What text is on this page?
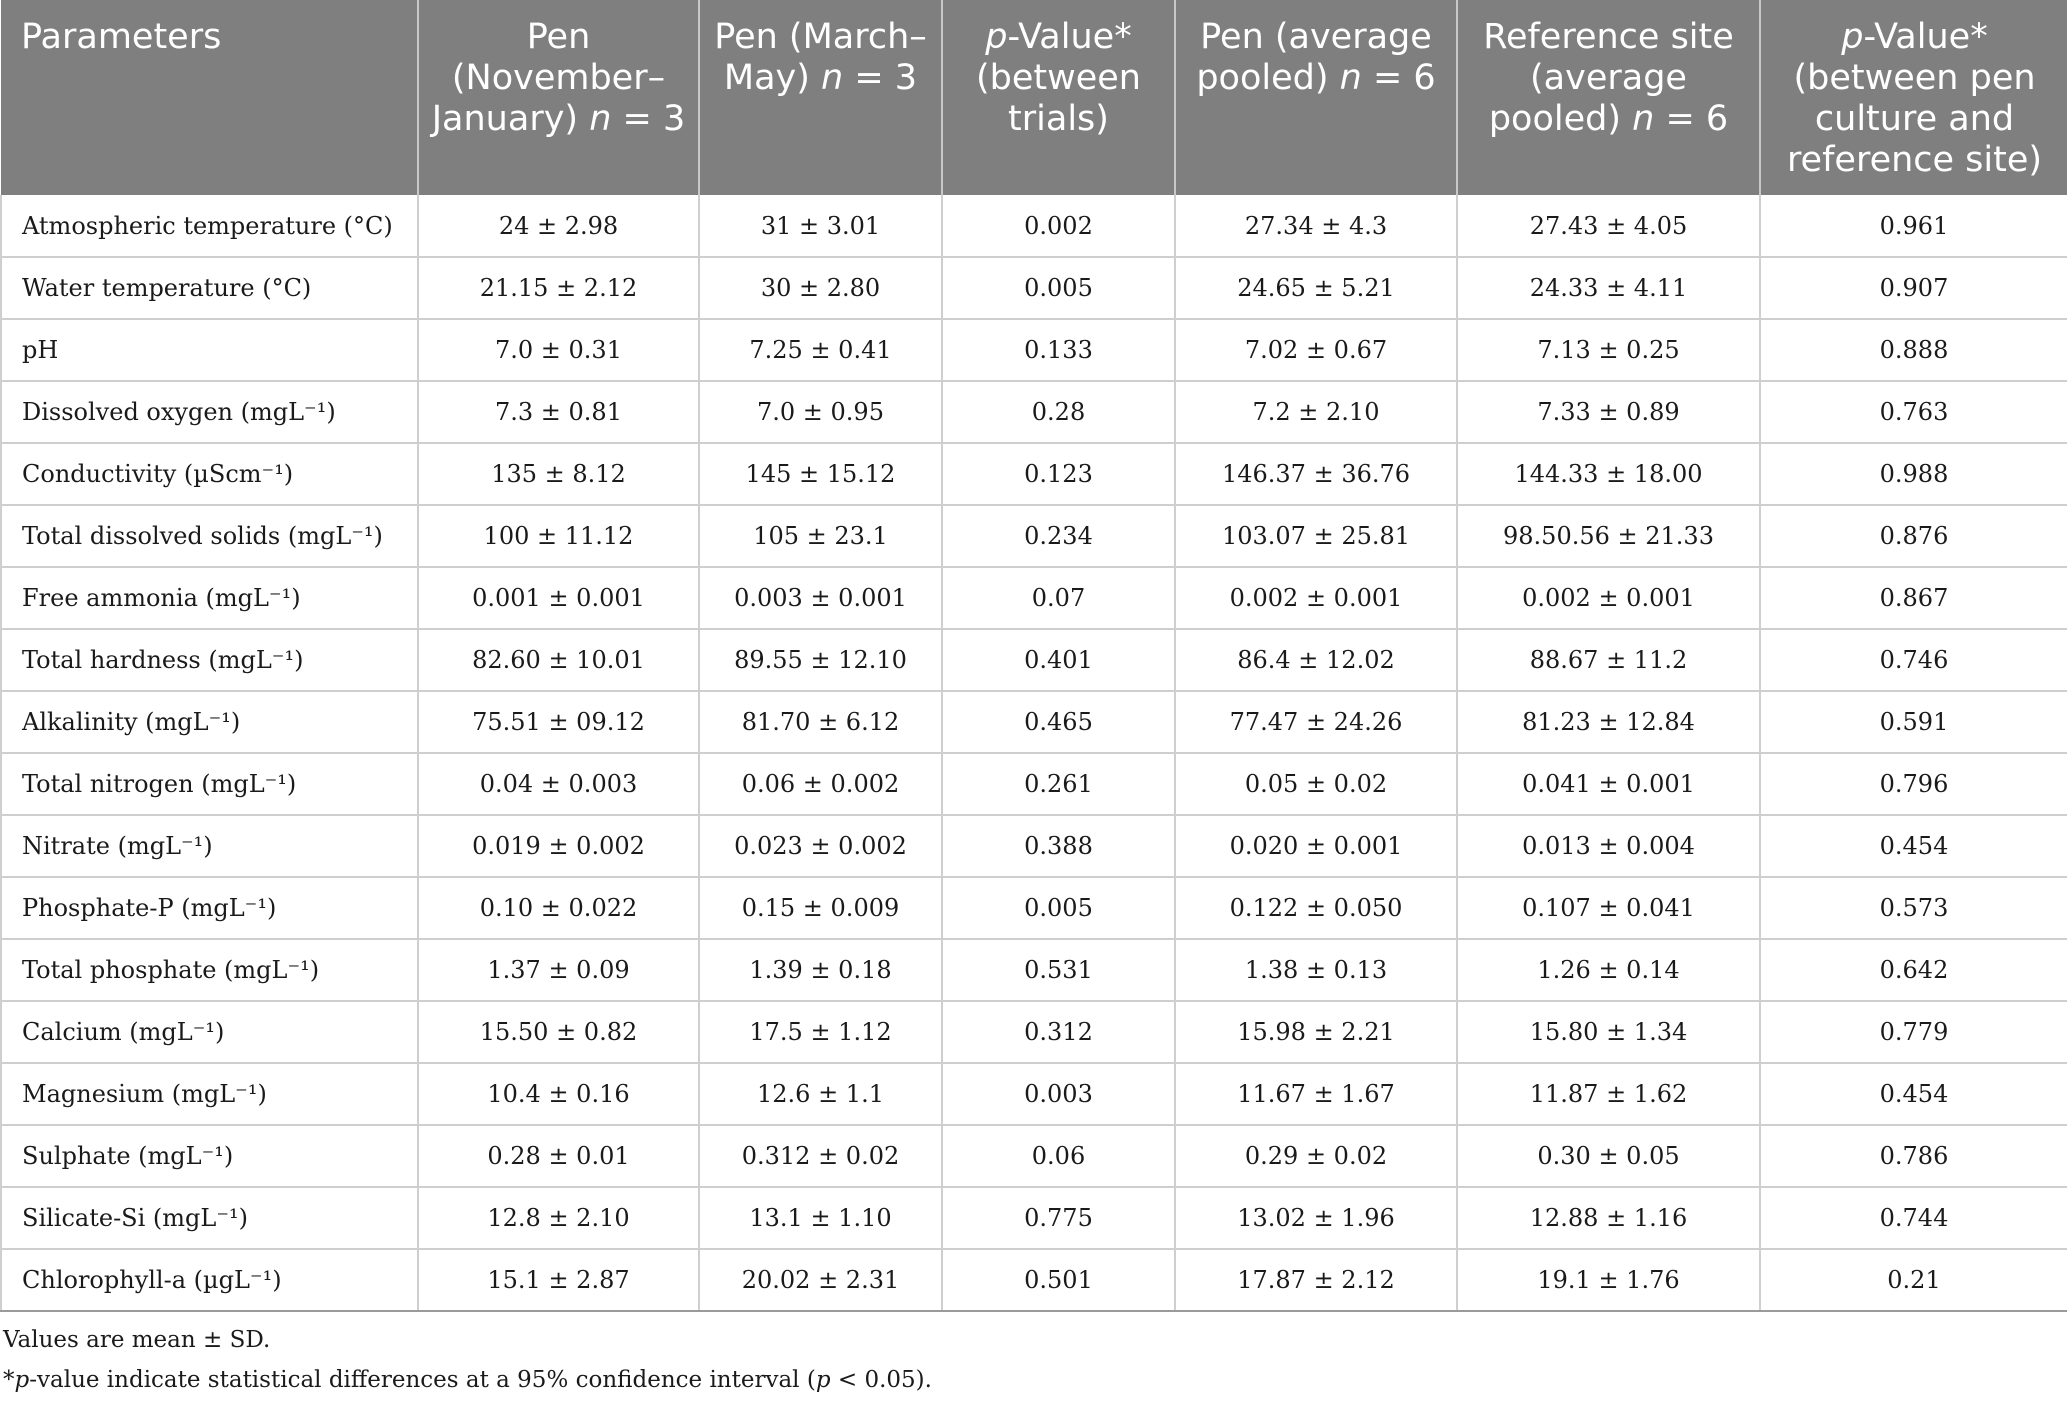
Parameters	Pen (November–January) n = 3	Pen (March–May) n = 3	p-Value* (between trials)	Pen (average pooled) n = 6	Reference site (average pooled) n = 6	p-Value* (between pen culture and reference site)
Atmospheric temperature (°C)	24 ± 2.98	31 ± 3.01	0.002	27.34 ± 4.3	27.43 ± 4.05	0.961
Water temperature (°C)	21.15 ± 2.12	30 ± 2.80	0.005	24.65 ± 5.21	24.33 ± 4.11	0.907
pH	7.0 ± 0.31	7.25 ± 0.41	0.133	7.02 ± 0.67	7.13 ± 0.25	0.888
Dissolved oxygen (mgL⁻¹)	7.3 ± 0.81	7.0 ± 0.95	0.28	7.2 ± 2.10	7.33 ± 0.89	0.763
Conductivity (µScm⁻¹)	135 ± 8.12	145 ± 15.12	0.123	146.37 ± 36.76	144.33 ± 18.00	0.988
Total dissolved solids (mgL⁻¹)	100 ± 11.12	105 ± 23.1	0.234	103.07 ± 25.81	98.50.56 ± 21.33	0.876
Free ammonia (mgL⁻¹)	0.001 ± 0.001	0.003 ± 0.001	0.07	0.002 ± 0.001	0.002 ± 0.001	0.867
Total hardness (mgL⁻¹)	82.60 ± 10.01	89.55 ± 12.10	0.401	86.4 ± 12.02	88.67 ± 11.2	0.746
Alkalinity (mgL⁻¹)	75.51 ± 09.12	81.70 ± 6.12	0.465	77.47 ± 24.26	81.23 ± 12.84	0.591
Total nitrogen (mgL⁻¹)	0.04 ± 0.003	0.06 ± 0.002	0.261	0.05 ± 0.02	0.041 ± 0.001	0.796
Nitrate (mgL⁻¹)	0.019 ± 0.002	0.023 ± 0.002	0.388	0.020 ± 0.001	0.013 ± 0.004	0.454
Phosphate-P (mgL⁻¹)	0.10 ± 0.022	0.15 ± 0.009	0.005	0.122 ± 0.050	0.107 ± 0.041	0.573
Total phosphate (mgL⁻¹)	1.37 ± 0.09	1.39 ± 0.18	0.531	1.38 ± 0.13	1.26 ± 0.14	0.642
Calcium (mgL⁻¹)	15.50 ± 0.82	17.5 ± 1.12	0.312	15.98 ± 2.21	15.80 ± 1.34	0.779
Magnesium (mgL⁻¹)	10.4 ± 0.16	12.6 ± 1.1	0.003	11.67 ± 1.67	11.87 ± 1.62	0.454
Sulphate (mgL⁻¹)	0.28 ± 0.01	0.312 ± 0.02	0.06	0.29 ± 0.02	0.30 ± 0.05	0.786
Silicate-Si (mgL⁻¹)	12.8 ± 2.10	13.1 ± 1.10	0.775	13.02 ± 1.96	12.88 ± 1.16	0.744
Chlorophyll-a (µgL⁻¹)	15.1 ± 2.87	20.02 ± 2.31	0.501	17.87 ± 2.12	19.1 ± 1.76	0.21
Values are mean ± SD.
*p-value indicate statistical differences at a 95% confidence interval (p < 0.05).
